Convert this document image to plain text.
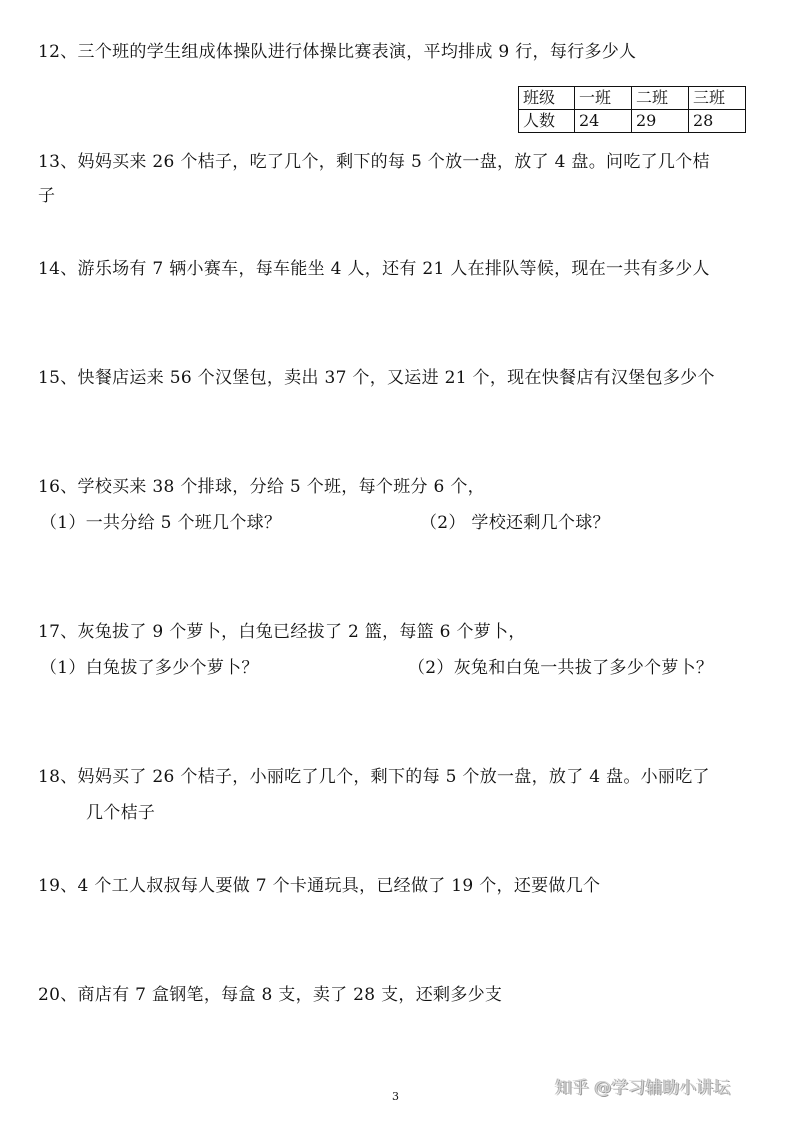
12、三个班的学生组成体操队进行体操比赛表演，平均排成 9 行，每行多少人
班级	一班	二班	三班
人数	24	29	28
13、妈妈买来 26 个桔子，吃了几个，剩下的每 5 个放一盘，放了 4 盘。问吃了几个桔
子
14、游乐场有 7 辆小赛车，每车能坐 4 人，还有 21 人在排队等候，现在一共有多少人
15、快餐店运来 56 个汉堡包，卖出 37 个，又运进 21 个，现在快餐店有汉堡包多少个
16、学校买来 38 个排球，分给 5 个班，每个班分 6 个，
（1）一共分给 5 个班几个球？	（2） 学校还剩几个球？
17、灰兔拔了 9 个萝卜，白兔已经拔了 2 篮，每篮 6 个萝卜，
（1）白兔拔了多少个萝卜？	（2）灰兔和白兔一共拔了多少个萝卜？
18、妈妈买了 26 个桔子，小丽吃了几个，剩下的每 5 个放一盘，放了 4 盘。小丽吃了
几个桔子
19、4 个工人叔叔每人要做 7 个卡通玩具，已经做了 19 个，还要做几个
20、商店有 7 盒钢笔，每盒 8 支，卖了 28 支，还剩多少支
3	知乎 @学习辅助小讲坛
